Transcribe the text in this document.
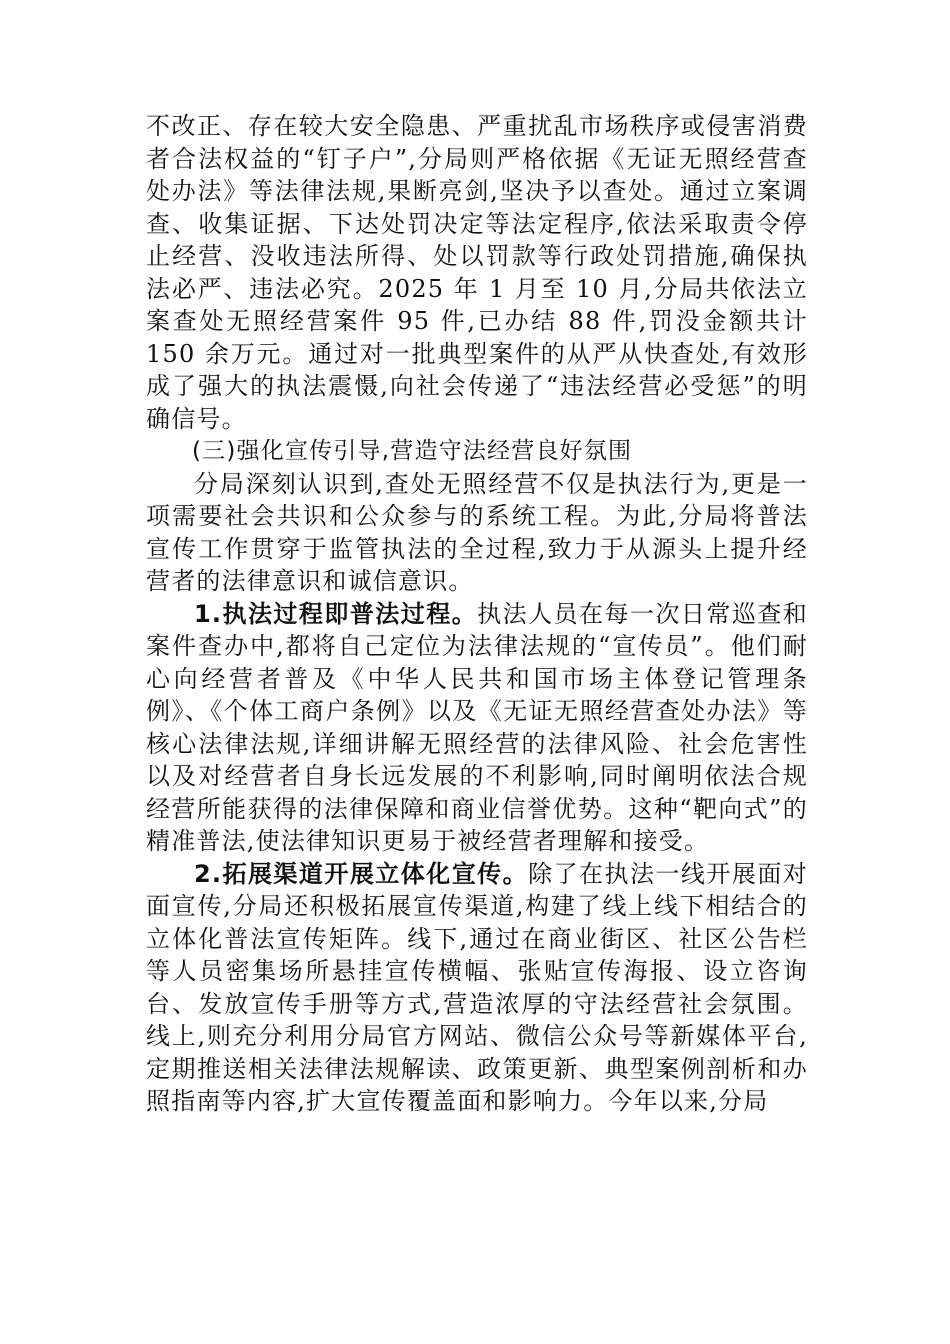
不改正、存在较大安全隐患、严重扰乱市场秩序或侵害消费者合法权益的“钉子户”,分局则严格依据《无证无照经营查处办法》等法律法规,果断亮剑,坚决予以查处。通过立案调查、收集证据、下达处罚决定等法定程序,依法采取责令停止经营、没收违法所得、处以罚款等行政处罚措施,确保执法必严、违法必究。2025 年 1 月至 10 月,分局共依法立案查处无照经营案件 95 件,已办结 88 件,罚没金额共计 150 余万元。通过对一批典型案件的从严从快查处,有效形成了强大的执法震慑,向社会传递了“违法经营必受惩”的明确信号。

(三)强化宣传引导,营造守法经营良好氛围

分局深刻认识到,查处无照经营不仅是执法行为,更是一项需要社会共识和公众参与的系统工程。为此,分局将普法宣传工作贯穿于监管执法的全过程,致力于从源头上提升经营者的法律意识和诚信意识。

1.执法过程即普法过程。执法人员在每一次日常巡查和案件查办中,都将自己定位为法律法规的“宣传员”。他们耐心向经营者普及《中华人民共和国市场主体登记管理条例》、《个体工商户条例》以及《无证无照经营查处办法》等核心法律法规,详细讲解无照经营的法律风险、社会危害性以及对经营者自身长远发展的不利影响,同时阐明依法合规经营所能获得的法律保障和商业信誉优势。这种“靶向式”的精准普法,使法律知识更易于被经营者理解和接受。

2.拓展渠道开展立体化宣传。除了在执法一线开展面对面宣传,分局还积极拓展宣传渠道,构建了线上线下相结合的立体化普法宣传矩阵。线下,通过在商业街区、社区公告栏等人员密集场所悬挂宣传横幅、张贴宣传海报、设立咨询台、发放宣传手册等方式,营造浓厚的守法经营社会氛围。线上,则充分利用分局官方网站、微信公众号等新媒体平台,定期推送相关法律法规解读、政策更新、典型案例剖析和办照指南等内容,扩大宣传覆盖面和影响力。今年以来,分局
